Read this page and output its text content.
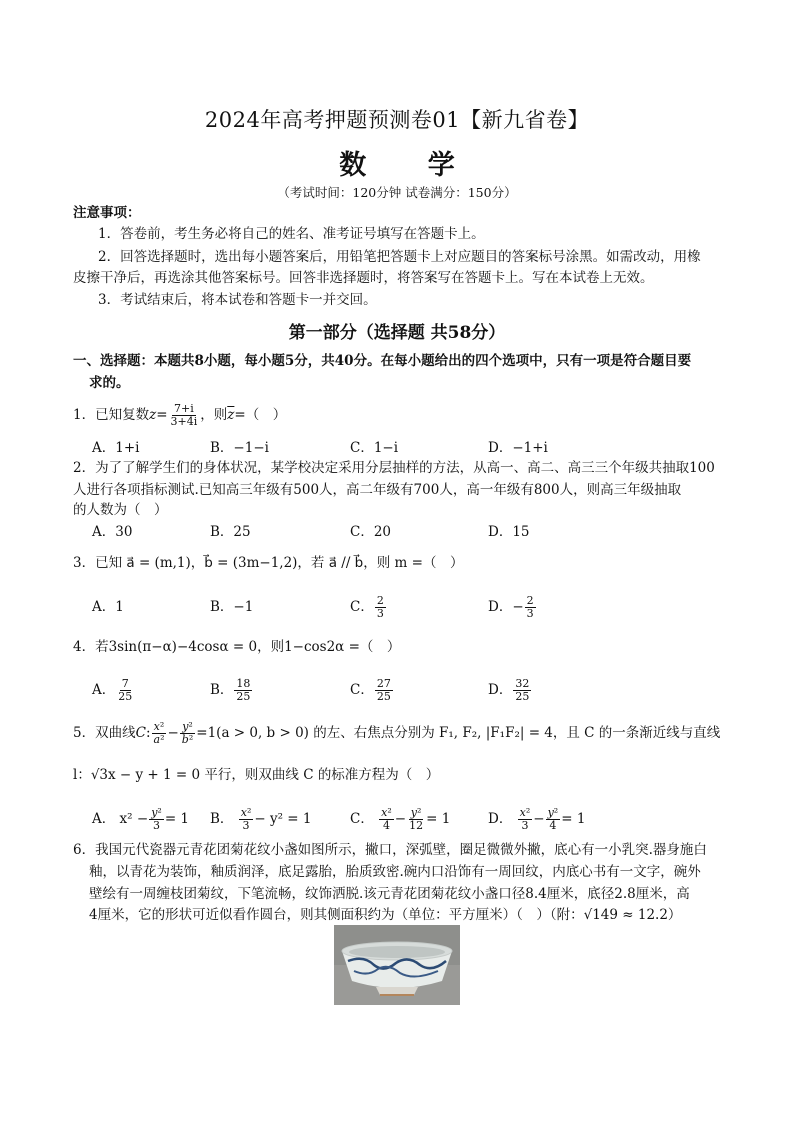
2024年高考押题预测卷01【新九省卷】
数 学
（考试时间：120分钟 试卷满分：150分）
注意事项：
1．答卷前，考生务必将自己的姓名、准考证号填写在答题卡上。
2．回答选择题时，选出每小题答案后，用铅笔把答题卡上对应题目的答案标号涂黑。如需改动，用橡
皮擦干净后，再选涂其他答案标号。回答非选择题时，将答案写在答题卡上。写在本试卷上无效。
3．考试结束后，将本试卷和答题卡一并交回。
第一部分（选择题 共58分）
一、选择题：本题共8小题，每小题5分，共40分。在每小题给出的四个选项中，只有一项是符合题目要
求的。
1．已知复数$z= \frac{7+i}{3+4i}$ ，则$\overline{z}=$（　）
A．1+i	B．−1−i	C．1−i	D．−1+i
2．为了了解学生们的身体状况，某学校决定采用分层抽样的方法，从高一、高二、高三三个年级共抽取100
人进行各项指标测试.已知高三年级有500人，高二年级有700人，高一年级有800人，则高三年级抽取
的人数为（　）
A．30	B．25	C．20	D．15
3．已知 a⃗ = (m,1)，b⃗ = (3m−1,2)，若 a⃗ // b⃗，则 m =（　）
A．1	B．−1	C． $\frac{2}{3}$	D．− $\frac{2}{3}$
4．若3sin(π−α)−4cosα = 0，则1−cos2α =（　）
A． $\frac{7}{25}$	B． $\frac{18}{25}$	C． $\frac{27}{25}$	D． $\frac{32}{25}$
5．双曲线C: $\frac{\text{x²}}{\text{a²}} - \frac{\text{y²}}{\text{b²}} =1(a > 0$, b > 0) 的左、右焦点分别为 F₁, F₂, |F₁F₂| = 4，且 C 的一条渐近线与直线
l：√3x − y + 1 = 0 平行，则双曲线 C 的标准方程为（　）
A． $x^2 - \frac{\text{y²}}{3} = 1$ B． $\frac{\text{x²}}{3} - y^2 = 1$	C． $\frac{\text{x²}}{4} - \frac{\text{y²}}{12} = 1$	D． $\frac{\text{x²}}{3} - \frac{\text{y²}}{4} = 1$
6．我国元代瓷器元青花团菊花纹小盏如图所示，撇口，深弧壁，圈足微微外撇，底心有一小乳突.器身施白
釉，以青花为装饰，釉质润泽，底足露胎，胎质致密.碗内口沿饰有一周回纹，内底心书有一文字，碗外
壁绘有一周缠枝团菊纹，下笔流畅，纹饰洒脱.该元青花团菊花纹小盏口径8.4厘米，底径2.8厘米，高
4厘米，它的形状可近似看作圆台，则其侧面积约为（单位：平方厘米）（　）（附：√149 ≈ 12.2）
